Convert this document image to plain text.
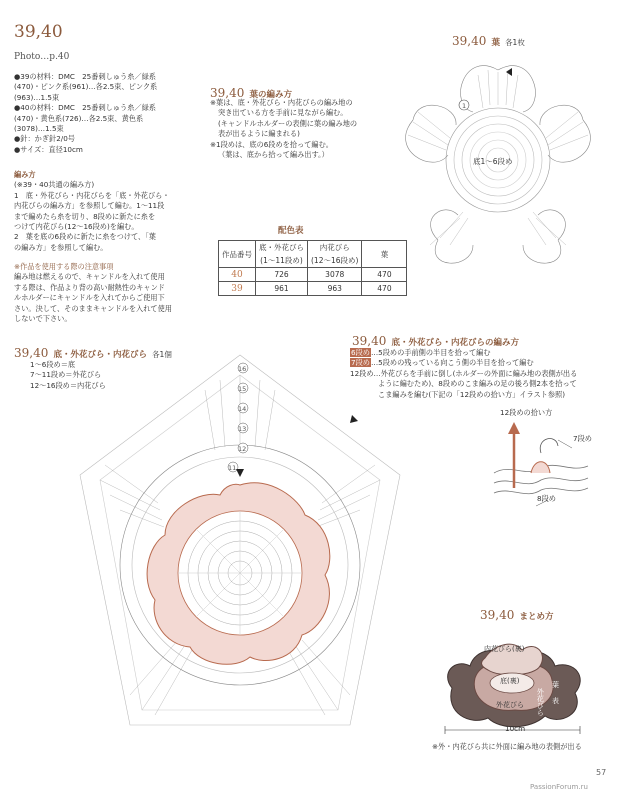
39,40
Photo…p.40
●39の材料：DMC　25番刺しゅう糸／緑系
(470)・ピンク系(961)…各2.5束、ピンク系
(963)…1.5束
●40の材料：DMC　25番刺しゅう糸／緑系
(470)・黄色系(726)…各2.5束、黄色系
(3078)…1.5束
●針：かぎ針2/0号
●サイズ：直径10cm
編み方
(※39・40共通の編み方)
1　底・外花びら・内花びらを「底・外花びら・
内花びらの編み方」を参照して編む。1〜11段
まで編めたら糸を切り、8段めに新たに糸を
つけて内花びら(12〜16段め)を編む。
2　葉を底の6段めに新たに糸をつけて、「葉
の編み方」を参照して編む。
※作品を使用する際の注意事項
編み地は燃えるので、キャンドルを入れて使用
する際は、作品より背の高い耐熱性のキャンド
ルホルダーにキャンドルを入れてからご使用下
さい。決して、そのままキャンドルを入れて使用
しないで下さい。
39,40 葉の編み方
※葉は、底・外花びら・内花びらの編み地の
突き出ている方を手前に見ながら編む。
(キャンドルホルダーの表側に葉の編み地の
表が出るように編まれる)
※1段めは、底の6段めを拾って編む。
（葉は、底から拾って編み出す。）
配色表
作品番号	底・外花びら	内花びら	葉
	(1〜11段め)	(12〜16段め)	
40	726	3078	470
39	961	963	470
39,40 葉 各1枚
1
底1〜6段め
39,40 底・外花びら・内花びら 各1個
1〜6段め＝底
7〜11段め＝外花びら
12〜16段め＝内花びら
16
15
14
13
12
11
39,40 底・外花びら・内花びらの編み方
6段め…5段めの手前側の半目を拾って編む
7段め…5段めの残っている向こう側の半目を拾って編む
12段め…外花びらを手前に倒し(ホルダーの外面に編み地の表側が出る
ように編むため)、8段めのこま編みの足の後ろ側2本を拾って
こま編みを編む(下記の「12段めの拾い方」イラスト参照)
12段めの拾い方
7段め
8段め
39,40 まとめ方
内花びら(裏)
底(裏)
外花びら 外花びら
葉
表
※外・内花びら共に外面に編み地の表側が出る
10cm
57
PassionForum.ru
